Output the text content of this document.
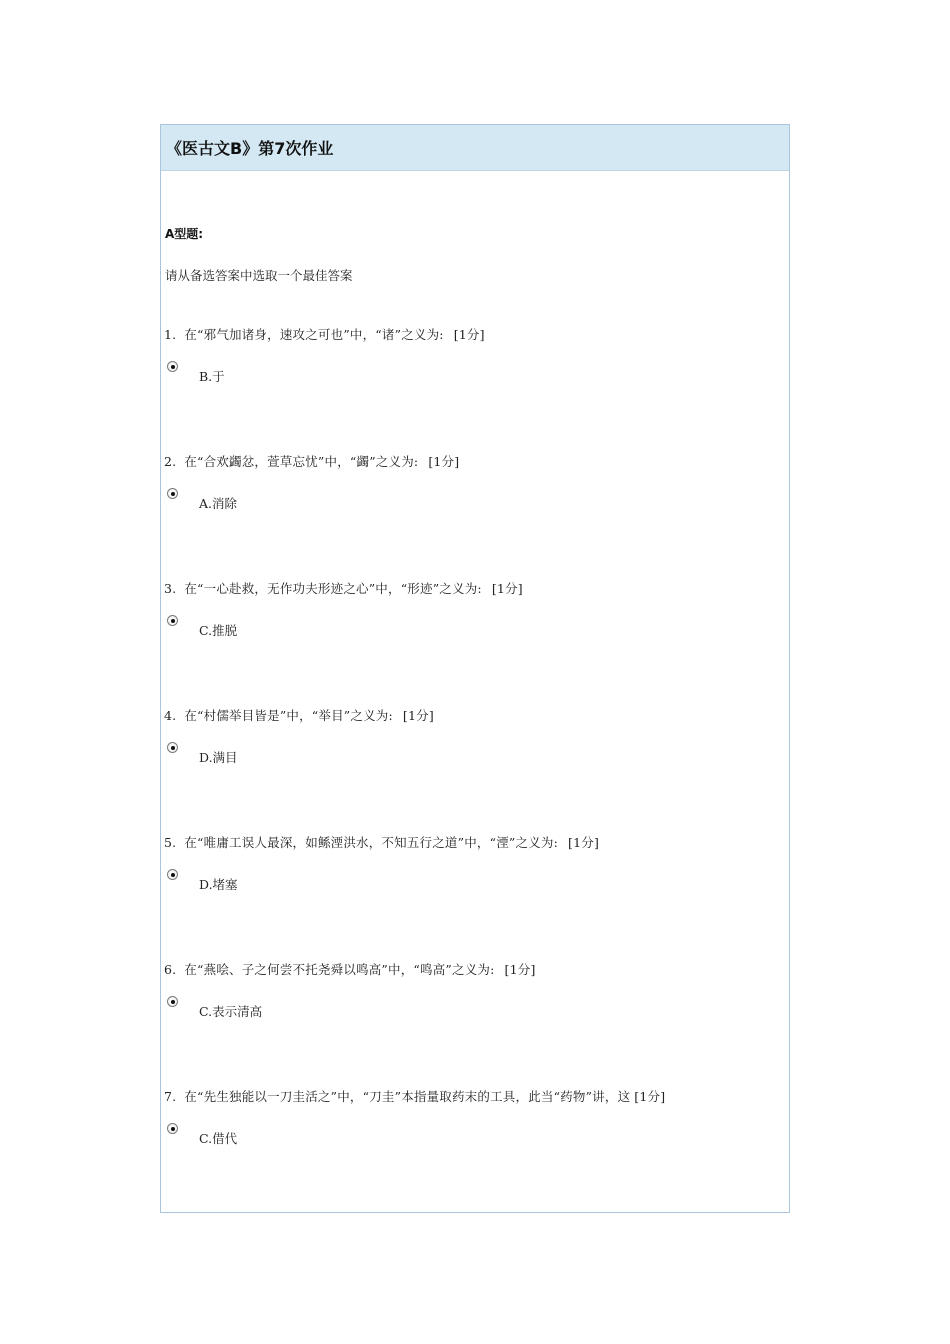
《医古文B》第7次作业
A型题:
请从备选答案中选取一个最佳答案
1. 在“邪气加诸身，速攻之可也”中，“诸”之义为: [1分]
B.于
2. 在“合欢蠲忿，萱草忘忧”中，“蠲”之义为: [1分]
A.消除
3. 在“一心赴救，无作功夫形迹之心”中，“形迹”之义为: [1分]
C.推脱
4. 在“村儒举目皆是”中，“举目”之义为: [1分]
D.满目
5. 在“唯庸工误人最深，如鲧湮洪水，不知五行之道”中，“湮”之义为: [1分]
D.堵塞
6. 在“燕哙、子之何尝不托尧舜以鸣高”中，“鸣高”之义为: [1分]
C.表示清高
7. 在“先生独能以一刀圭活之”中，“刀圭”本指量取药末的工具，此当“药物”讲，这 [1分]
C.借代
